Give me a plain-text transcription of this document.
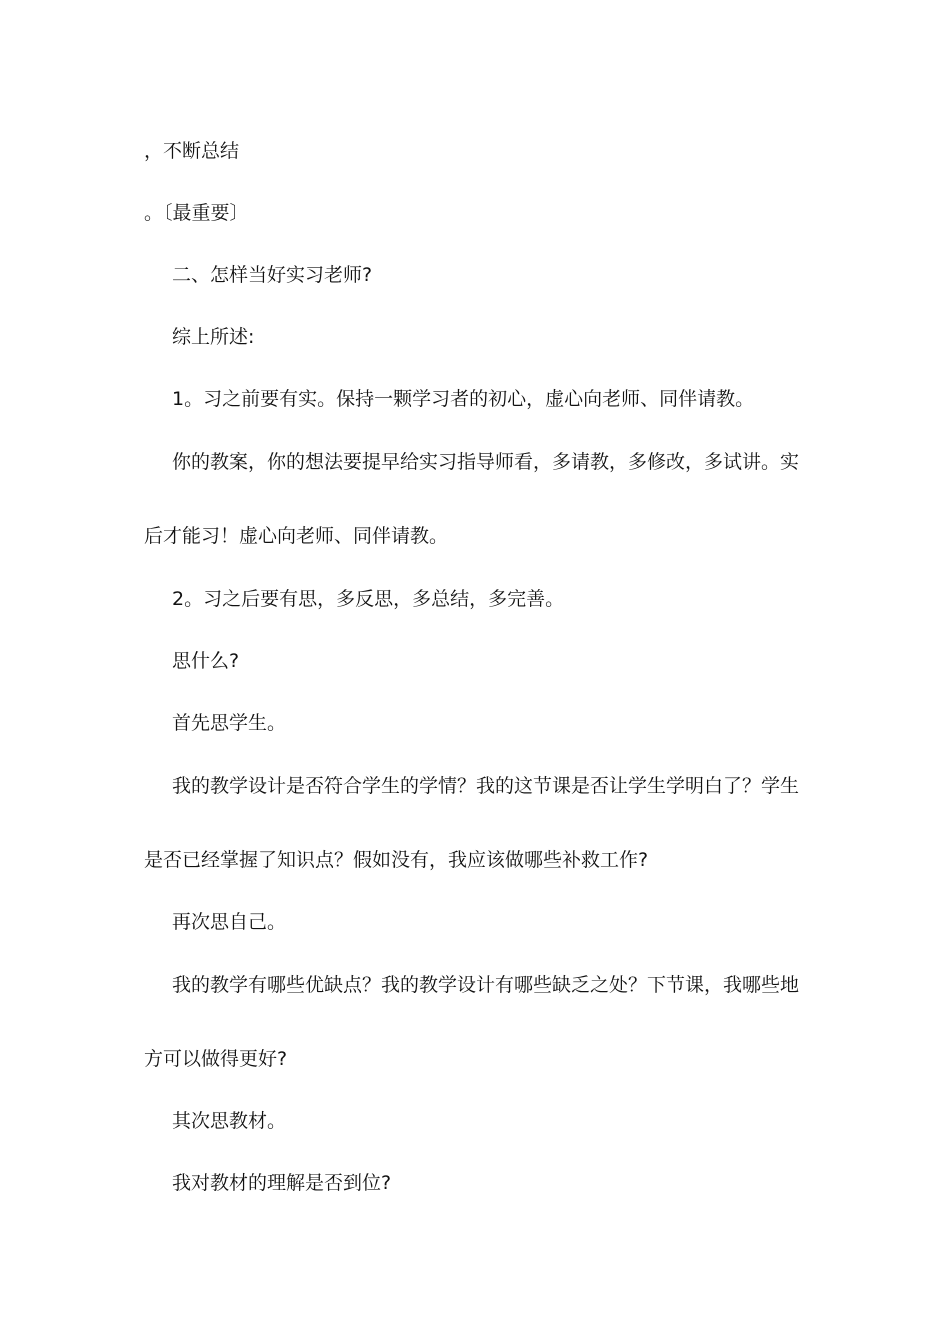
，不断总结
。〔最重要〕
二、怎样当好实习老师?
综上所述:
1。习之前要有实。保持一颗学习者的初心，虚心向老师、同伴请教。
你的教案，你的想法要提早给实习指导师看，多请教，多修改，多试讲。实
后才能习！虚心向老师、同伴请教。
2。习之后要有思，多反思，多总结，多完善。
思什么?
首先思学生。
我的教学设计是否符合学生的学情？我的这节课是否让学生学明白了？学生
是否已经掌握了知识点？假如没有，我应该做哪些补救工作?
再次思自己。
我的教学有哪些优缺点？我的教学设计有哪些缺乏之处？下节课，我哪些地
方可以做得更好?
其次思教材。
我对教材的理解是否到位?
